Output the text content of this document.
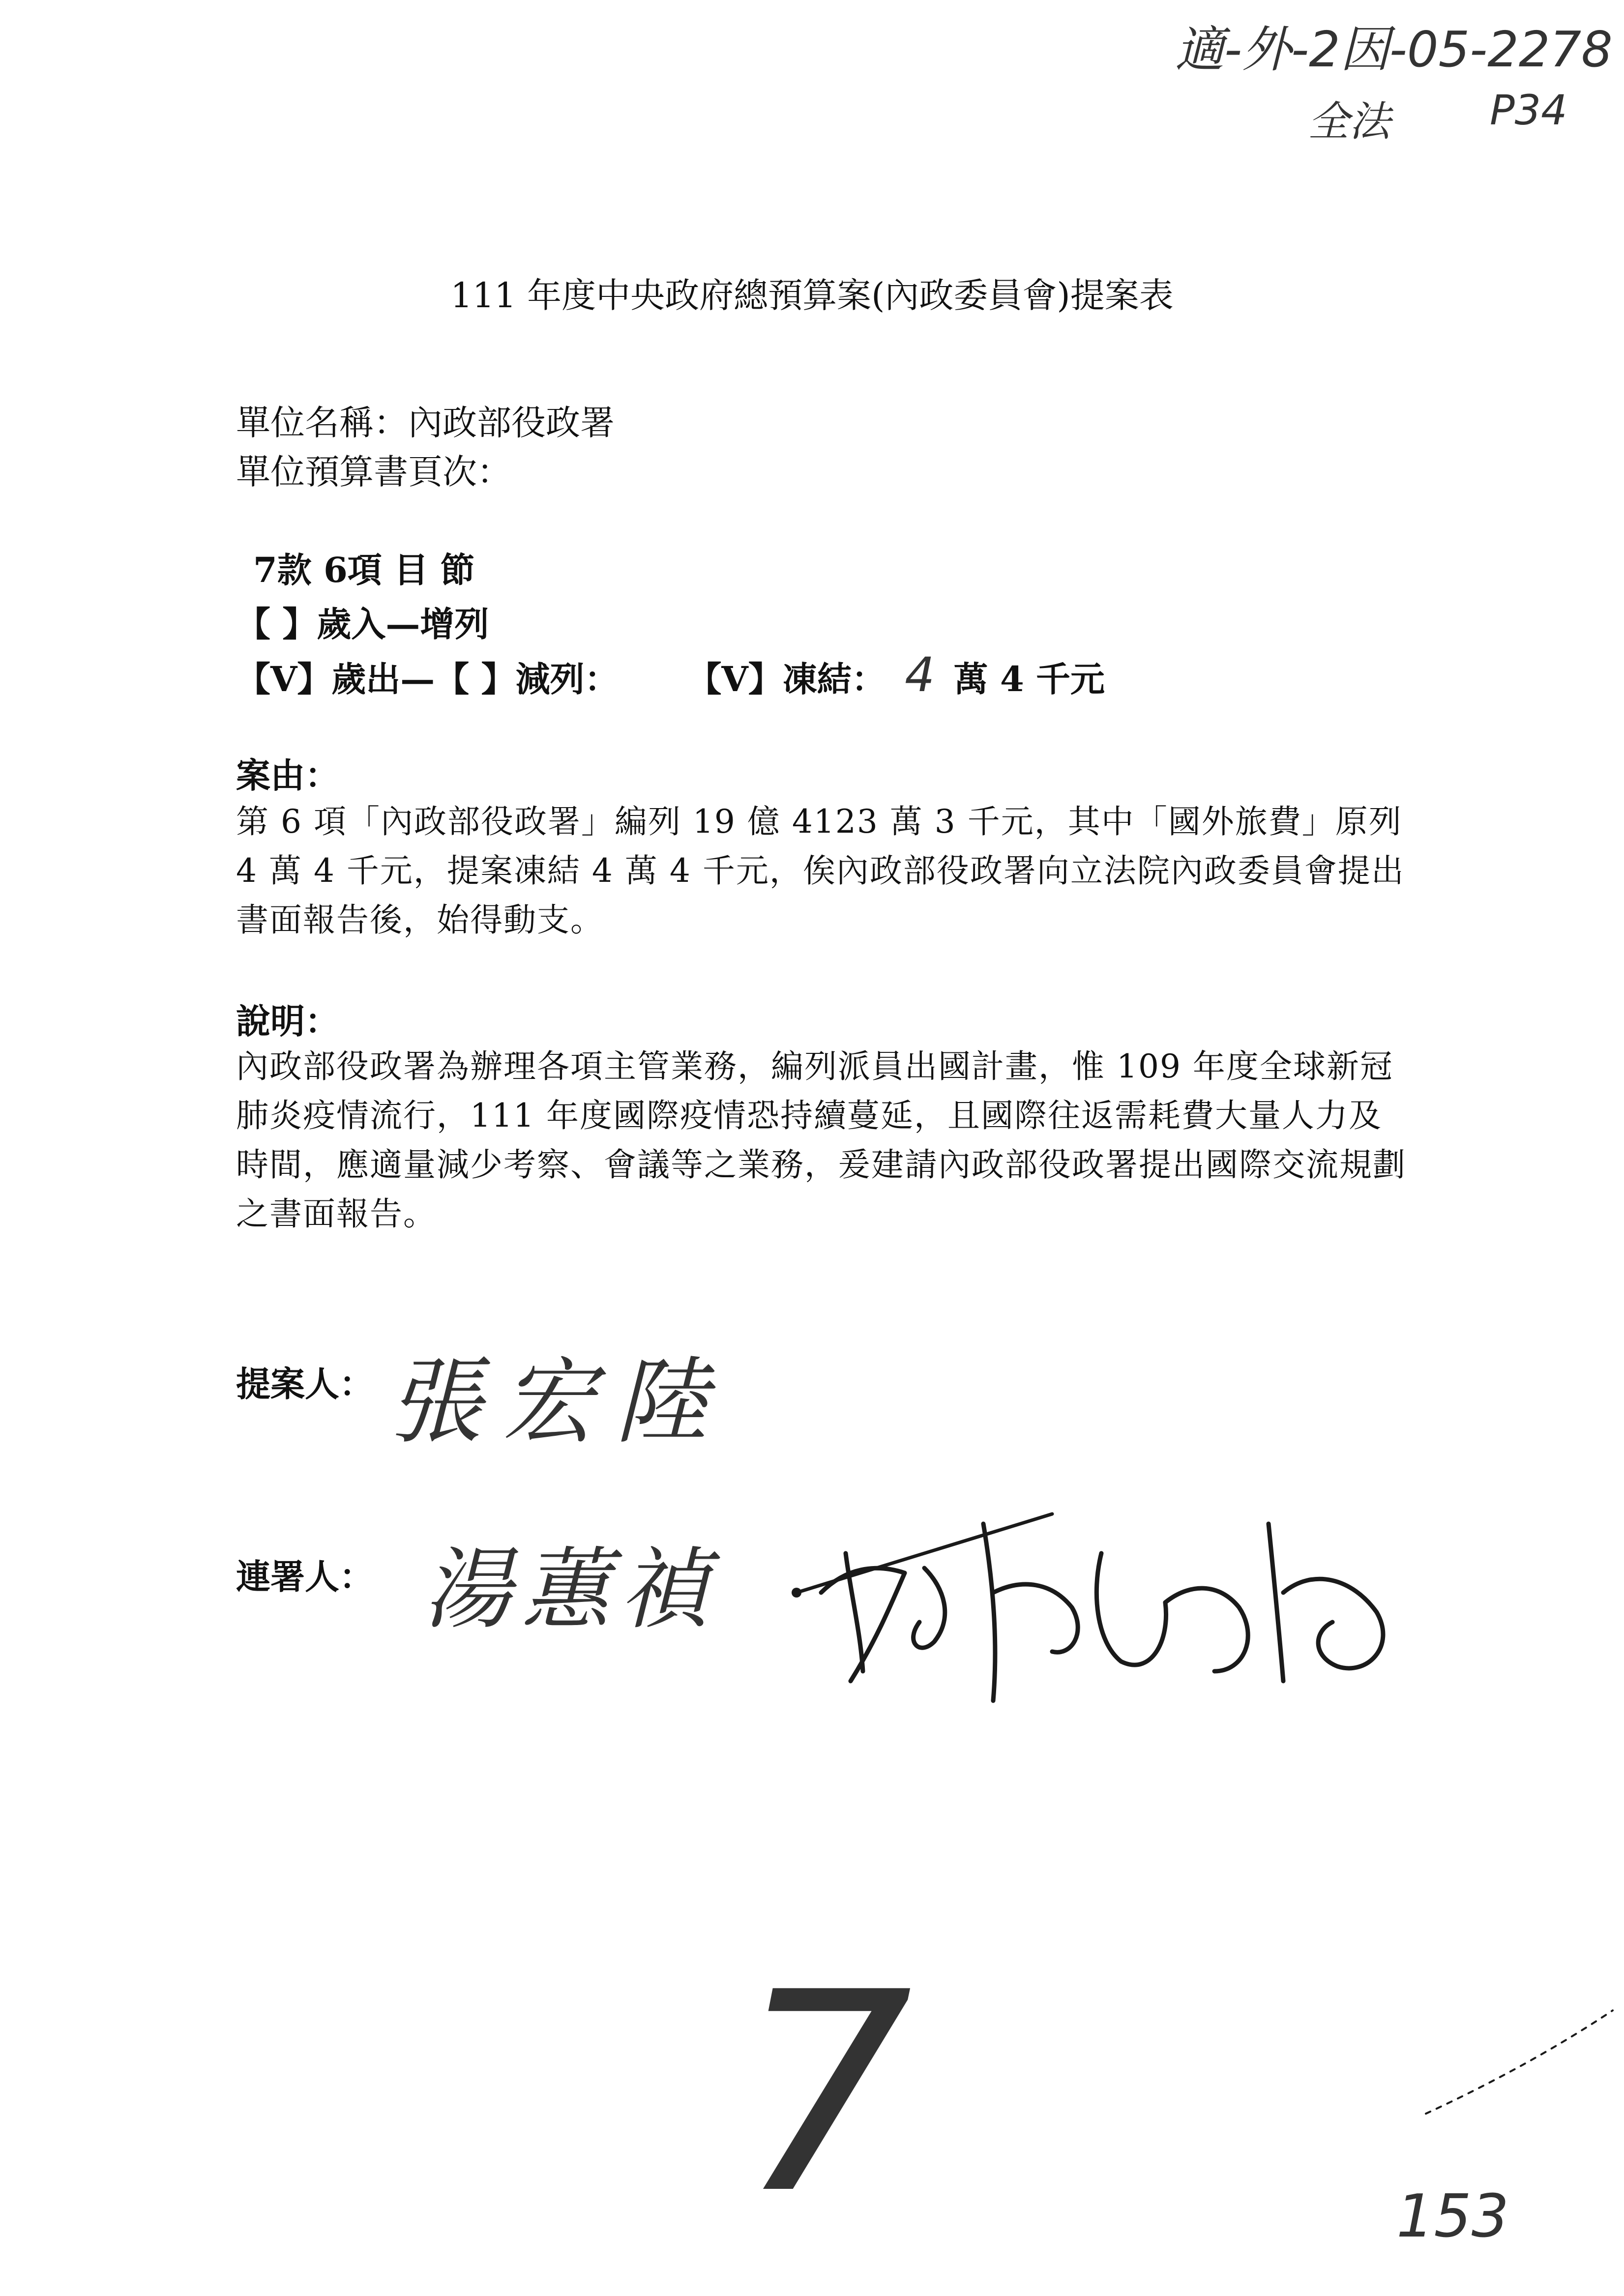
適-外-2因-05-2278
全法 P34
111 年度中央政府總預算案(內政委員會)提案表
單位名稱：內政部役政署
單位預算書頁次：
7款 6項 目 節
【 】歲入—增列
【V】歲出—【 】減列： 【V】凍結： 4 萬 4 千元
案由：
第 6 項「內政部役政署」編列 19 億 4123 萬 3 千元，其中「國外旅費」原列 4 萬 4 千元，提案凍結 4 萬 4 千元，俟內政部役政署向立法院內政委員會提出書面報告後，始得動支。
說明：
內政部役政署為辦理各項主管業務，編列派員出國計畫，惟 109 年度全球新冠肺炎疫情流行，111 年度國際疫情恐持續蔓延，且國際往返需耗費大量人力及時間，應適量減少考察、會議等之業務，爰建請內政部役政署提出國際交流規劃之書面報告。
提案人： 張宏陸
連署人： 湯蕙禎
7	153
